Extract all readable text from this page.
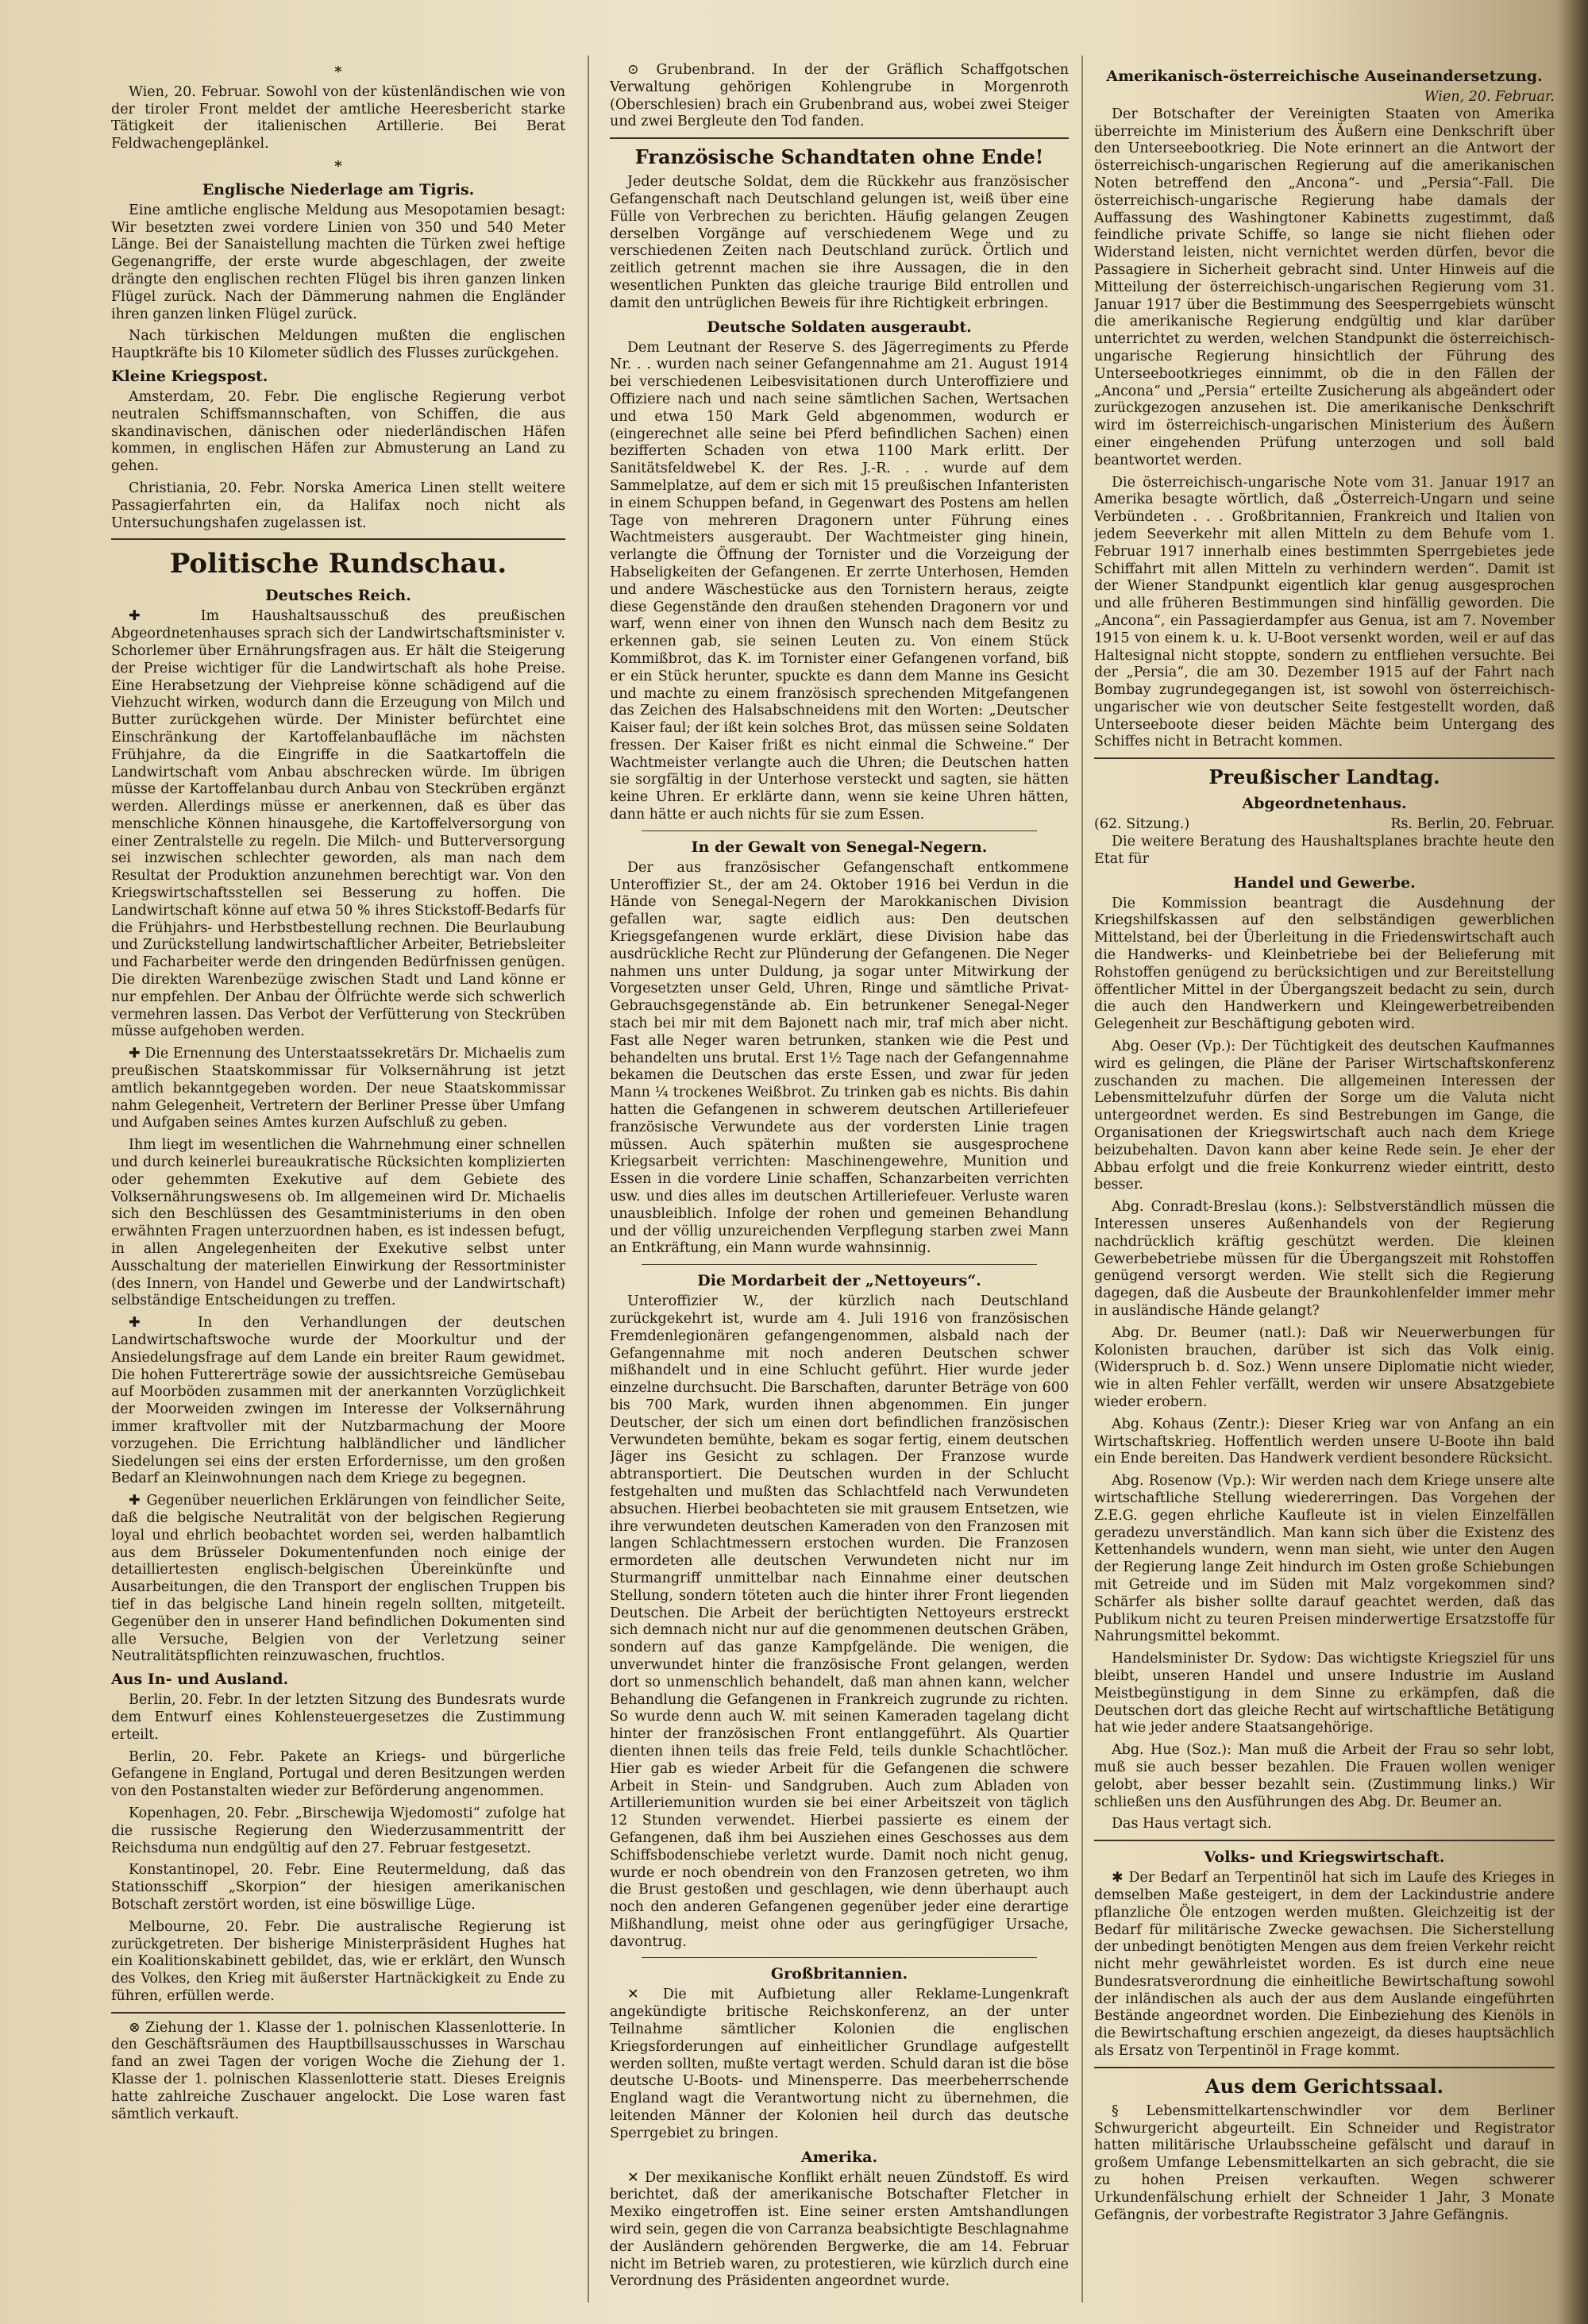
*

Wien, 20. Februar. Sowohl von der küstenländischen wie von der tiroler Front meldet der amtliche Heeresbericht starke Tätigkeit der italienischen Artillerie. Bei Berat Feldwachengeplänkel.

*
Englische Niederlage am Tigris.

Eine amtliche englische Meldung aus Mesopotamien besagt: Wir besetzten zwei vordere Linien von 350 und 540 Meter Länge. Bei der Sanaistellung machten die Türken zwei heftige Gegenangriffe, der erste wurde abgeschlagen, der zweite drängte den englischen rechten Flügel bis ihren ganzen linken Flügel zurück. Nach der Dämmerung nahmen die Engländer ihren ganzen linken Flügel zurück.

Nach türkischen Meldungen mußten die englischen Hauptkräfte bis 10 Kilometer südlich des Flusses zurückgehen.

Kleine Kriegspost.

Amsterdam, 20. Febr. Die englische Regierung verbot neutralen Schiffsmannschaften, von Schiffen, die aus skandinavischen, dänischen oder niederländischen Häfen kommen, in englischen Häfen zur Abmusterung an Land zu gehen.

Christiania, 20. Febr. Norska America Linen stellt weitere Passagierfahrten ein, da Halifax noch nicht als Untersuchungshafen zugelassen ist.

Politische Rundschau.
Deutsches Reich.

✚ Im Haushaltsausschuß des preußischen Abgeordnetenhauses sprach sich der Landwirtschaftsminister v. Schorlemer über Ernährungsfragen aus. Er hält die Steigerung der Preise wichtiger für die Landwirtschaft als hohe Preise. Eine Herabsetzung der Viehpreise könne schädigend auf die Viehzucht wirken, wodurch dann die Erzeugung von Milch und Butter zurückgehen würde. Der Minister befürchtet eine Einschränkung der Kartoffelanbaufläche im nächsten Frühjahre, da die Eingriffe in die Saatkartoffeln die Landwirtschaft vom Anbau abschrecken würde. Im übrigen müsse der Kartoffelanbau durch Anbau von Steckrüben ergänzt werden. Allerdings müsse er anerkennen, daß es über das menschliche Können hinausgehe, die Kartoffelversorgung von einer Zentralstelle zu regeln. Die Milch- und Butterversorgung sei inzwischen schlechter geworden, als man nach dem Resultat der Produktion anzunehmen berechtigt war. Von den Kriegswirtschaftsstellen sei Besserung zu hoffen. Die Landwirtschaft könne auf etwa 50 % ihres Stickstoff-Bedarfs für die Frühjahrs- und Herbstbestellung rechnen. Die Beurlaubung und Zurückstellung landwirtschaftlicher Arbeiter, Betriebsleiter und Facharbeiter werde den dringenden Bedürfnissen genügen. Die direkten Warenbezüge zwischen Stadt und Land könne er nur empfehlen. Der Anbau der Ölfrüchte werde sich schwerlich vermehren lassen. Das Verbot der Verfütterung von Steckrüben müsse aufgehoben werden.

✚ Die Ernennung des Unterstaatssekretärs Dr. Michaelis zum preußischen Staatskommissar für Volksernährung ist jetzt amtlich bekanntgegeben worden. Der neue Staatskommissar nahm Gelegenheit, Vertretern der Berliner Presse über Umfang und Aufgaben seines Amtes kurzen Aufschluß zu geben.

Ihm liegt im wesentlichen die Wahrnehmung einer schnellen und durch keinerlei bureaukratische Rücksichten komplizierten oder gehemmten Exekutive auf dem Gebiete des Volksernährungswesens ob. Im allgemeinen wird Dr. Michaelis sich den Beschlüssen des Gesamtministeriums in den oben erwähnten Fragen unterzuordnen haben, es ist indessen befugt, in allen Angelegenheiten der Exekutive selbst unter Ausschaltung der materiellen Einwirkung der Ressortminister (des Innern, von Handel und Gewerbe und der Landwirtschaft) selbständige Entscheidungen zu treffen.

✚ In den Verhandlungen der deutschen Landwirtschaftswoche wurde der Moorkultur und der Ansiedelungsfrage auf dem Lande ein breiter Raum gewidmet. Die hohen Futtererträge sowie der aussichtsreiche Gemüsebau auf Moorböden zusammen mit der anerkannten Vorzüglichkeit der Moorweiden zwingen im Interesse der Volksernährung immer kraftvoller mit der Nutzbarmachung der Moore vorzugehen. Die Errichtung halbländlicher und ländlicher Siedelungen sei eins der ersten Erfordernisse, um den großen Bedarf an Kleinwohnungen nach dem Kriege zu begegnen.

✚ Gegenüber neuerlichen Erklärungen von feindlicher Seite, daß die belgische Neutralität von der belgischen Regierung loyal und ehrlich beobachtet worden sei, werden halbamtlich aus dem Brüsseler Dokumentenfunden noch einige der detailliertesten englisch-belgischen Übereinkünfte und Ausarbeitungen, die den Transport der englischen Truppen bis tief in das belgische Land hinein regeln sollten, mitgeteilt. Gegenüber den in unserer Hand befindlichen Dokumenten sind alle Versuche, Belgien von der Verletzung seiner Neutralitätspflichten reinzuwaschen, fruchtlos.

Aus In- und Ausland.

Berlin, 20. Febr. In der letzten Sitzung des Bundesrats wurde dem Entwurf eines Kohlensteuergesetzes die Zustimmung erteilt.

Berlin, 20. Febr. Pakete an Kriegs- und bürgerliche Gefangene in England, Portugal und deren Besitzungen werden von den Postanstalten wieder zur Beförderung angenommen.

Kopenhagen, 20. Febr. „Birschewija Wjedomosti“ zufolge hat die russische Regierung den Wiederzusammentritt der Reichsduma nun endgültig auf den 27. Februar festgesetzt.

Konstantinopel, 20. Febr. Eine Reutermeldung, daß das Stationsschiff „Skorpion“ der hiesigen amerikanischen Botschaft zerstört worden, ist eine böswillige Lüge.

Melbourne, 20. Febr. Die australische Regierung ist zurückgetreten. Der bisherige Ministerpräsident Hughes hat ein Koalitionskabinett gebildet, das, wie er erklärt, den Wunsch des Volkes, den Krieg mit äußerster Hartnäckigkeit zu Ende zu führen, erfüllen werde.

⊗ Ziehung der 1. Klasse der 1. polnischen Klassenlotterie. In den Geschäftsräumen des Hauptbillsausschusses in Warschau fand an zwei Tagen der vorigen Woche die Ziehung der 1. Klasse der 1. polnischen Klassenlotterie statt. Dieses Ereignis hatte zahlreiche Zuschauer angelockt. Die Lose waren fast sämtlich verkauft.

⊙ Grubenbrand. In der der Gräflich Schaffgotschen Verwaltung gehörigen Kohlengrube in Morgenroth (Oberschlesien) brach ein Grubenbrand aus, wobei zwei Steiger und zwei Bergleute den Tod fanden.

Französische Schandtaten ohne Ende!

Jeder deutsche Soldat, dem die Rückkehr aus französischer Gefangenschaft nach Deutschland gelungen ist, weiß über eine Fülle von Verbrechen zu berichten. Häufig gelangen Zeugen derselben Vorgänge auf verschiedenem Wege und zu verschiedenen Zeiten nach Deutschland zurück. Örtlich und zeitlich getrennt machen sie ihre Aussagen, die in den wesentlichen Punkten das gleiche traurige Bild entrollen und damit den untrüglichen Beweis für ihre Richtigkeit erbringen.

Deutsche Soldaten ausgeraubt.

Dem Leutnant der Reserve S. des Jägerregiments zu Pferde Nr. . . wurden nach seiner Gefangennahme am 21. August 1914 bei verschiedenen Leibesvisitationen durch Unteroffiziere und Offiziere nach und nach seine sämtlichen Sachen, Wertsachen und etwa 150 Mark Geld abgenommen, wodurch er (eingerechnet alle seine bei Pferd befindlichen Sachen) einen bezifferten Schaden von etwa 1100 Mark erlitt. Der Sanitätsfeldwebel K. der Res. J.-R. . . wurde auf dem Sammelplatze, auf dem er sich mit 15 preußischen Infanteristen in einem Schuppen befand, in Gegenwart des Postens am hellen Tage von mehreren Dragonern unter Führung eines Wachtmeisters ausgeraubt. Der Wachtmeister ging hinein, verlangte die Öffnung der Tornister und die Vorzeigung der Habseligkeiten der Gefangenen. Er zerrte Unterhosen, Hemden und andere Wäschestücke aus den Tornistern heraus, zeigte diese Gegenstände den draußen stehenden Dragonern vor und warf, wenn einer von ihnen den Wunsch nach dem Besitz zu erkennen gab, sie seinen Leuten zu. Von einem Stück Kommißbrot, das K. im Tornister einer Gefangenen vorfand, biß er ein Stück herunter, spuckte es dann dem Manne ins Gesicht und machte zu einem französisch sprechenden Mitgefangenen das Zeichen des Halsabschneidens mit den Worten: „Deutscher Kaiser faul; der ißt kein solches Brot, das müssen seine Soldaten fressen. Der Kaiser frißt es nicht einmal die Schweine.“ Der Wachtmeister verlangte auch die Uhren; die Deutschen hatten sie sorgfältig in der Unterhose versteckt und sagten, sie hätten keine Uhren. Er erklärte dann, wenn sie keine Uhren hätten, dann hätte er auch nichts für sie zum Essen.

In der Gewalt von Senegal-Negern.

Der aus französischer Gefangenschaft entkommene Unteroffizier St., der am 24. Oktober 1916 bei Verdun in die Hände von Senegal-Negern der Marokkanischen Division gefallen war, sagte eidlich aus: Den deutschen Kriegsgefangenen wurde erklärt, diese Division habe das ausdrückliche Recht zur Plünderung der Gefangenen. Die Neger nahmen uns unter Duldung, ja sogar unter Mitwirkung der Vorgesetzten unser Geld, Uhren, Ringe und sämtliche Privat-Gebrauchsgegenstände ab. Ein betrunkener Senegal-Neger stach bei mir mit dem Bajonett nach mir, traf mich aber nicht. Fast alle Neger waren betrunken, stanken wie die Pest und behandelten uns brutal. Erst 1½ Tage nach der Gefangennahme bekamen die Deutschen das erste Essen, und zwar für jeden Mann ¼ trockenes Weißbrot. Zu trinken gab es nichts. Bis dahin hatten die Gefangenen in schwerem deutschen Artilleriefeuer französische Verwundete aus der vordersten Linie tragen müssen. Auch späterhin mußten sie ausgesprochene Kriegsarbeit verrichten: Maschinengewehre, Munition und Essen in die vordere Linie schaffen, Schanzarbeiten verrichten usw. und dies alles im deutschen Artilleriefeuer. Verluste waren unausbleiblich. Infolge der rohen und gemeinen Behandlung und der völlig unzureichenden Verpflegung starben zwei Mann an Entkräftung, ein Mann wurde wahnsinnig.

Die Mordarbeit der „Nettoyeurs“.

Unteroffizier W., der kürzlich nach Deutschland zurückgekehrt ist, wurde am 4. Juli 1916 von französischen Fremdenlegionären gefangengenommen, alsbald nach der Gefangennahme mit noch anderen Deutschen schwer mißhandelt und in eine Schlucht geführt. Hier wurde jeder einzelne durchsucht. Die Barschaften, darunter Beträge von 600 bis 700 Mark, wurden ihnen abgenommen. Ein junger Deutscher, der sich um einen dort befindlichen französischen Verwundeten bemühte, bekam es sogar fertig, einem deutschen Jäger ins Gesicht zu schlagen. Der Franzose wurde abtransportiert. Die Deutschen wurden in der Schlucht festgehalten und mußten das Schlachtfeld nach Verwundeten absuchen. Hierbei beobachteten sie mit grausem Entsetzen, wie ihre verwundeten deutschen Kameraden von den Franzosen mit langen Schlachtmessern erstochen wurden. Die Franzosen ermordeten alle deutschen Verwundeten nicht nur im Sturmangriff unmittelbar nach Einnahme einer deutschen Stellung, sondern töteten auch die hinter ihrer Front liegenden Deutschen. Die Arbeit der berüchtigten Nettoyeurs erstreckt sich demnach nicht nur auf die genommenen deutschen Gräben, sondern auf das ganze Kampfgelände. Die wenigen, die unverwundet hinter die französische Front gelangen, werden dort so unmenschlich behandelt, daß man ahnen kann, welcher Behandlung die Gefangenen in Frankreich zugrunde zu richten. So wurde denn auch W. mit seinen Kameraden tagelang dicht hinter der französischen Front entlanggeführt. Als Quartier dienten ihnen teils das freie Feld, teils dunkle Schachtlöcher. Hier gab es wieder Arbeit für die Gefangenen die schwere Arbeit in Stein- und Sandgruben. Auch zum Abladen von Artilleriemunition wurden sie bei einer Arbeitszeit von täglich 12 Stunden verwendet. Hierbei passierte es einem der Gefangenen, daß ihm bei Ausziehen eines Geschosses aus dem Schiffsbodenschiebe verletzt wurde. Damit noch nicht genug, wurde er noch obendrein von den Franzosen getreten, wo ihm die Brust gestoßen und geschlagen, wie denn überhaupt auch noch den anderen Gefangenen gegenüber jeder eine derartige Mißhandlung, meist ohne oder aus geringfügiger Ursache, davontrug.

Großbritannien.

✕ Die mit Aufbietung aller Reklame-Lungenkraft angekündigte britische Reichskonferenz, an der unter Teilnahme sämtlicher Kolonien die englischen Kriegsforderungen auf einheitlicher Grundlage aufgestellt werden sollten, mußte vertagt werden. Schuld daran ist die böse deutsche U-Boots- und Minensperre. Das meerbeherrschende England wagt die Verantwortung nicht zu übernehmen, die leitenden Männer der Kolonien heil durch das deutsche Sperrgebiet zu bringen.

Amerika.

✕ Der mexikanische Konflikt erhält neuen Zündstoff. Es wird berichtet, daß der amerikanische Botschafter Fletcher in Mexiko eingetroffen ist. Eine seiner ersten Amtshandlungen wird sein, gegen die von Carranza beabsichtigte Beschlagnahme der Ausländern gehörenden Bergwerke, die am 14. Februar nicht im Betrieb waren, zu protestieren, wie kürzlich durch eine Verordnung des Präsidenten angeordnet wurde.

Amerikanisch-österreichische Auseinandersetzung.
Wien, 20. Februar.

Der Botschafter der Vereinigten Staaten von Amerika überreichte im Ministerium des Äußern eine Denkschrift über den Unterseebootkrieg. Die Note erinnert an die Antwort der österreichisch-ungarischen Regierung auf die amerikanischen Noten betreffend den „Ancona“- und „Persia“-Fall. Die österreichisch-ungarische Regierung habe damals der Auffassung des Washingtoner Kabinetts zugestimmt, daß feindliche private Schiffe, so lange sie nicht fliehen oder Widerstand leisten, nicht vernichtet werden dürfen, bevor die Passagiere in Sicherheit gebracht sind. Unter Hinweis auf die Mitteilung der österreichisch-ungarischen Regierung vom 31. Januar 1917 über die Bestimmung des Seesperrgebiets wünscht die amerikanische Regierung endgültig und klar darüber unterrichtet zu werden, welchen Standpunkt die österreichisch-ungarische Regierung hinsichtlich der Führung des Unterseebootkrieges einnimmt, ob die in den Fällen der „Ancona“ und „Persia“ erteilte Zusicherung als abgeändert oder zurückgezogen anzusehen ist. Die amerikanische Denkschrift wird im österreichisch-ungarischen Ministerium des Äußern einer eingehenden Prüfung unterzogen und soll bald beantwortet werden.

Die österreichisch-ungarische Note vom 31. Januar 1917 an Amerika besagte wörtlich, daß „Österreich-Ungarn und seine Verbündeten . . . Großbritannien, Frankreich und Italien von jedem Seeverkehr mit allen Mitteln zu dem Behufe vom 1. Februar 1917 innerhalb eines bestimmten Sperrgebietes jede Schiffahrt mit allen Mitteln zu verhindern werden“. Damit ist der Wiener Standpunkt eigentlich klar genug ausgesprochen und alle früheren Bestimmungen sind hinfällig geworden. Die „Ancona“, ein Passagierdampfer aus Genua, ist am 7. November 1915 von einem k. u. k. U-Boot versenkt worden, weil er auf das Haltesignal nicht stoppte, sondern zu entfliehen versuchte. Bei der „Persia“, die am 30. Dezember 1915 auf der Fahrt nach Bombay zugrundegegangen ist, ist sowohl von österreichisch-ungarischer wie von deutscher Seite festgestellt worden, daß Unterseeboote dieser beiden Mächte beim Untergang des Schiffes nicht in Betracht kommen.

Preußischer Landtag.
Abgeordnetenhaus.
(62. Sitzung.)	Rs. Berlin, 20. Februar.

Die weitere Beratung des Haushaltsplanes brachte heute den Etat für

Handel und Gewerbe.

Die Kommission beantragt die Ausdehnung der Kriegshilfskassen auf den selbständigen gewerblichen Mittelstand, bei der Überleitung in die Friedenswirtschaft auch die Handwerks- und Kleinbetriebe bei der Belieferung mit Rohstoffen genügend zu berücksichtigen und zur Bereitstellung öffentlicher Mittel in der Übergangszeit bedacht zu sein, durch die auch den Handwerkern und Kleingewerbetreibenden Gelegenheit zur Beschäftigung geboten wird.

Abg. Oeser (Vp.): Der Tüchtigkeit des deutschen Kaufmannes wird es gelingen, die Pläne der Pariser Wirtschaftskonferenz zuschanden zu machen. Die allgemeinen Interessen der Lebensmittelzufuhr dürfen der Sorge um die Valuta nicht untergeordnet werden. Es sind Bestrebungen im Gange, die Organisationen der Kriegswirtschaft auch nach dem Kriege beizubehalten. Davon kann aber keine Rede sein. Je eher der Abbau erfolgt und die freie Konkurrenz wieder eintritt, desto besser.

Abg. Conradt-Breslau (kons.): Selbstverständlich müssen die Interessen unseres Außenhandels von der Regierung nachdrücklich kräftig geschützt werden. Die kleinen Gewerbebetriebe müssen für die Übergangszeit mit Rohstoffen genügend versorgt werden. Wie stellt sich die Regierung dagegen, daß die Ausbeute der Braunkohlenfelder immer mehr in ausländische Hände gelangt?

Abg. Dr. Beumer (natl.): Daß wir Neuerwerbungen für Kolonisten brauchen, darüber ist sich das Volk einig. (Widerspruch b. d. Soz.) Wenn unsere Diplomatie nicht wieder, wie in alten Fehler verfällt, werden wir unsere Absatzgebiete wieder erobern.

Abg. Kohaus (Zentr.): Dieser Krieg war von Anfang an ein Wirtschaftskrieg. Hoffentlich werden unsere U-Boote ihn bald ein Ende bereiten. Das Handwerk verdient besondere Rücksicht.

Abg. Rosenow (Vp.): Wir werden nach dem Kriege unsere alte wirtschaftliche Stellung wiedererringen. Das Vorgehen der Z.E.G. gegen ehrliche Kaufleute ist in vielen Einzelfällen geradezu unverständlich. Man kann sich über die Existenz des Kettenhandels wundern, wenn man sieht, wie unter den Augen der Regierung lange Zeit hindurch im Osten große Schiebungen mit Getreide und im Süden mit Malz vorgekommen sind? Schärfer als bisher sollte darauf geachtet werden, daß das Publikum nicht zu teuren Preisen minderwertige Ersatzstoffe für Nahrungsmittel bekommt.

Handelsminister Dr. Sydow: Das wichtigste Kriegsziel für uns bleibt, unseren Handel und unsere Industrie im Ausland Meistbegünstigung in dem Sinne zu erkämpfen, daß die Deutschen dort das gleiche Recht auf wirtschaftliche Betätigung hat wie jeder andere Staatsangehörige.

Abg. Hue (Soz.): Man muß die Arbeit der Frau so sehr lobt, muß sie auch besser bezahlen. Die Frauen wollen weniger gelobt, aber besser bezahlt sein. (Zustimmung links.) Wir schließen uns den Ausführungen des Abg. Dr. Beumer an.

Das Haus vertagt sich.

Volks- und Kriegswirtschaft.

✱ Der Bedarf an Terpentinöl hat sich im Laufe des Krieges in demselben Maße gesteigert, in dem der Lackindustrie andere pflanzliche Öle entzogen werden mußten. Gleichzeitig ist der Bedarf für militärische Zwecke gewachsen. Die Sicherstellung der unbedingt benötigten Mengen aus dem freien Verkehr reicht nicht mehr gewährleistet worden. Es ist durch eine neue Bundesratsverordnung die einheitliche Bewirtschaftung sowohl der inländischen als auch der aus dem Auslande eingeführten Bestände angeordnet worden. Die Einbeziehung des Kienöls in die Bewirtschaftung erschien angezeigt, da dieses hauptsächlich als Ersatz von Terpentinöl in Frage kommt.

Aus dem Gerichtssaal.

§ Lebensmittelkartenschwindler vor dem Berliner Schwurgericht abgeurteilt. Ein Schneider und Registrator hatten militärische Urlaubsscheine gefälscht und darauf in großem Umfange Lebensmittelkarten an sich gebracht, die sie zu hohen Preisen verkauften. Wegen schwerer Urkundenfälschung erhielt der Schneider 1 Jahr, 3 Monate Gefängnis, der vorbestrafte Registrator 3 Jahre Gefängnis.
